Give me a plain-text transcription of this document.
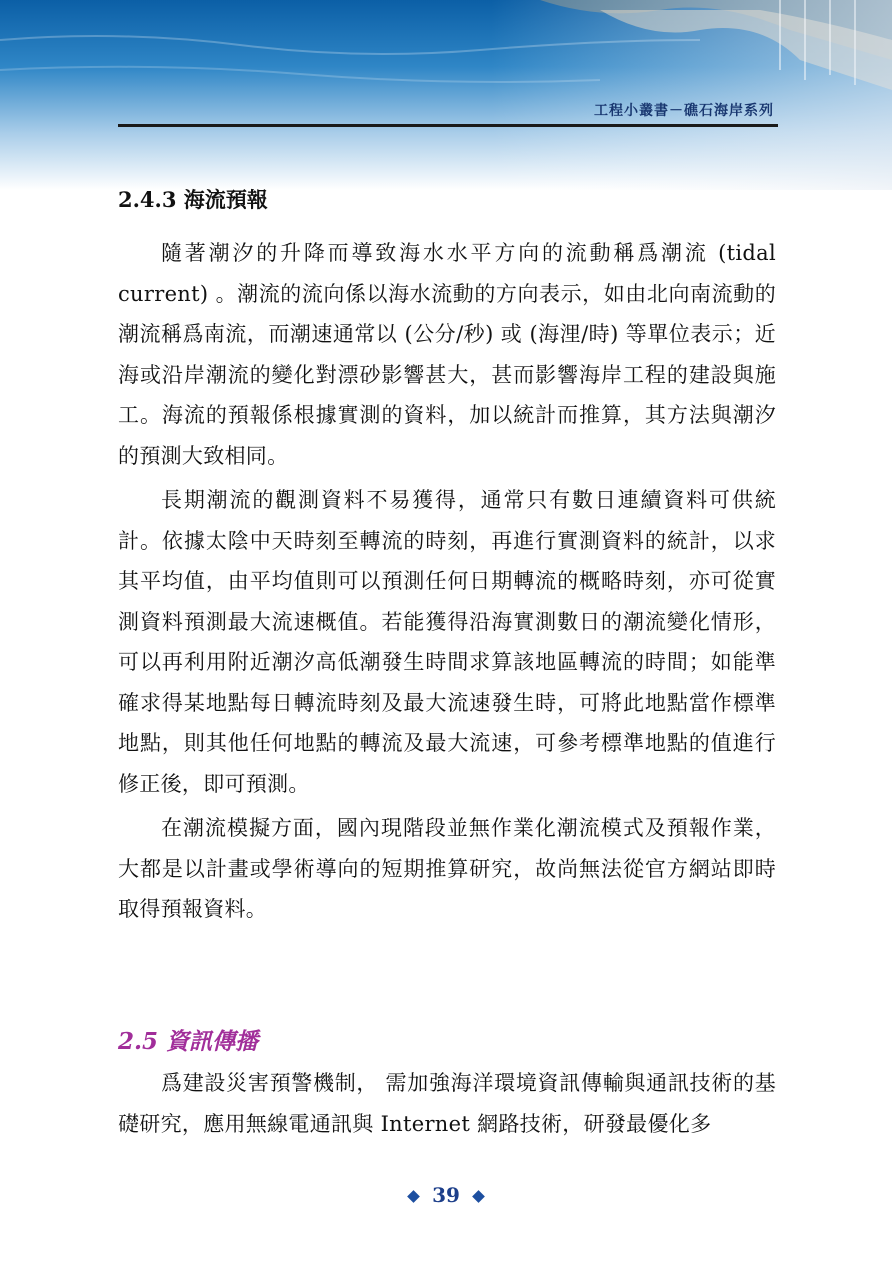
工程小叢書－礁石海岸系列
2.4.3 海流預報

隨著潮汐的升降而導致海水水平方向的流動稱爲潮流 (tidal current) 。潮流的流向係以海水流動的方向表示，如由北向南流動的潮流稱爲南流，而潮速通常以 (公分/秒) 或 (海浬/時) 等單位表示；近海或沿岸潮流的變化對漂砂影響甚大，甚而影響海岸工程的建設與施工。海流的預報係根據實測的資料，加以統計而推算，其方法與潮汐的預測大致相同。

長期潮流的觀測資料不易獲得，通常只有數日連續資料可供統計。依據太陰中天時刻至轉流的時刻，再進行實測資料的統計，以求其平均值，由平均值則可以預測任何日期轉流的概略時刻，亦可從實測資料預測最大流速概值。若能獲得沿海實測數日的潮流變化情形，可以再利用附近潮汐高低潮發生時間求算該地區轉流的時間；如能準確求得某地點每日轉流時刻及最大流速發生時，可將此地點當作標準地點，則其他任何地點的轉流及最大流速，可參考標準地點的值進行修正後，即可預測。

在潮流模擬方面，國內現階段並無作業化潮流模式及預報作業，大都是以計畫或學術導向的短期推算研究，故尚無法從官方網站即時取得預報資料。

2.5 資訊傳播

爲建設災害預警機制， 需加強海洋環境資訊傳輸與通訊技術的基礎研究，應用無線電通訊與 Internet 網路技術，研發最優化多

39
